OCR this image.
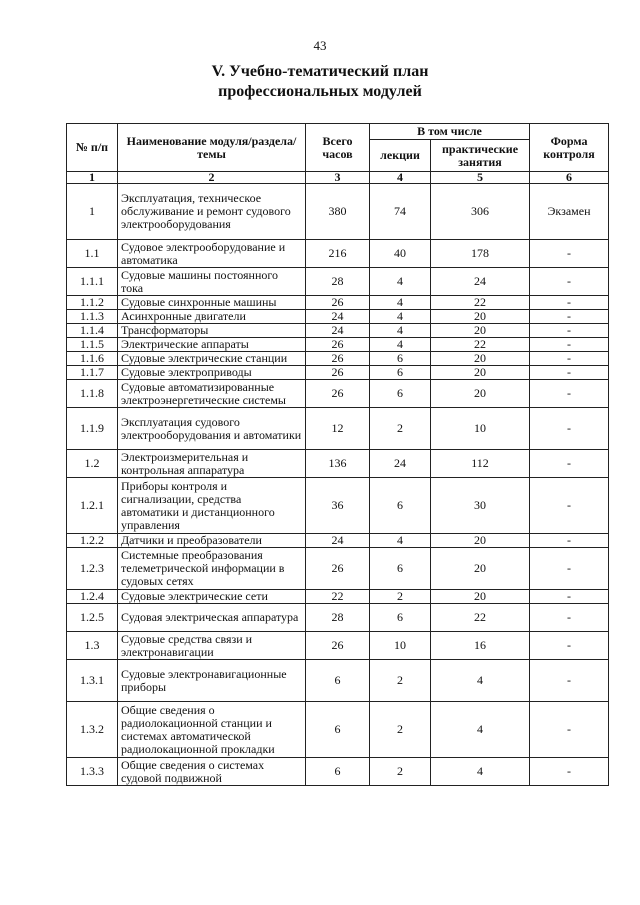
43
V. Учебно-тематический план
профессиональных модулей
№ п/п	Наименование модуля/раздела/темы	Всего часов	В том числе		Форма контроля
			лекции	практические занятия	
1	2	3	4	5	6
1	Эксплуатация, техническое обслуживание и ремонт судового электрооборудования	380	74	306	Экзамен
1.1	Судовое электрооборудование и автоматика	216	40	178	-
1.1.1	Судовые машины постоянного тока	28	4	24	-
1.1.2	Судовые синхронные машины	26	4	22	-
1.1.3	Асинхронные двигатели	24	4	20	-
1.1.4	Трансформаторы	24	4	20	-
1.1.5	Электрические аппараты	26	4	22	-
1.1.6	Судовые электрические станции	26	6	20	-
1.1.7	Судовые электроприводы	26	6	20	-
1.1.8	Судовые автоматизированные электроэнергетические системы	26	6	20	-
1.1.9	Эксплуатация судового электрооборудования и автоматики	12	2	10	-
1.2	Электроизмерительная и контрольная аппаратура	136	24	112	-
1.2.1	Приборы контроля и сигнализации, средства автоматики и дистанционного управления	36	6	30	-
1.2.2	Датчики и преобразователи	24	4	20	-
1.2.3	Системные преобразования телеметрической информации в судовых сетях	26	6	20	-
1.2.4	Судовые электрические сети	22	2	20	-
1.2.5	Судовая электрическая аппаратура	28	6	22	-
1.3	Судовые средства связи и электронавигации	26	10	16	-
1.3.1	Судовые электронавигационные приборы	6	2	4	-
1.3.2	Общие сведения о радиолокационной станции и системах автоматической радиолокационной прокладки	6	2	4	-
1.3.3	Общие сведения о системах судовой подвижной	6	2	4	-
